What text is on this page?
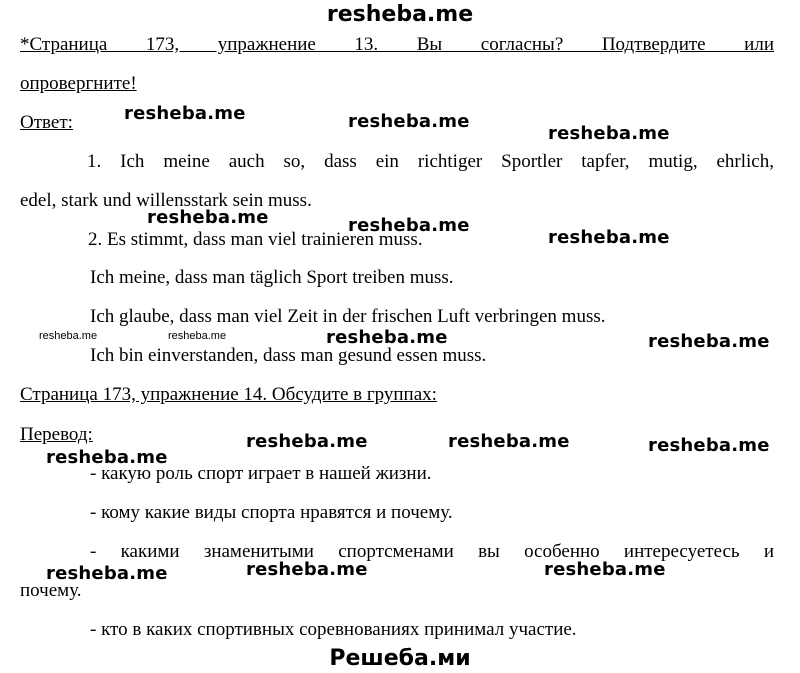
resheba.me
*Страница 173, упражнение 13. Вы согласны? Подтвердите или
опровергните!
Ответ:
1. Ich meine auch so, dass ein richtiger Sportler tapfer, mutig, ehrlich,
edel, stark und willensstark sein muss.
2. Es stimmt, dass man viel trainieren muss.
Ich meine, dass man täglich Sport treiben muss.
Ich glaube, dass man viel Zeit in der frischen Luft verbringen muss.
Ich bin einverstanden, dass man gesund essen muss.
Страница 173, упражнение 14. Обсудите в группах:
Перевод:
- какую роль спорт играет в нашей жизни.
- кому какие виды спорта нравятся и почему.
- какими знаменитыми спортсменами вы особенно интересуетесь и
почему.
- кто в каких спортивных соревнованиях принимал участие.
resheba.me	resheba.me
resheba.me
resheba.me	resheba.me
resheba.me
resheba.me	resheba.me	resheba.me	resheba.me
resheba.me	resheba.me	resheba.me
resheba.me
resheba.me	resheba.me	resheba.me
Решеба.ми
